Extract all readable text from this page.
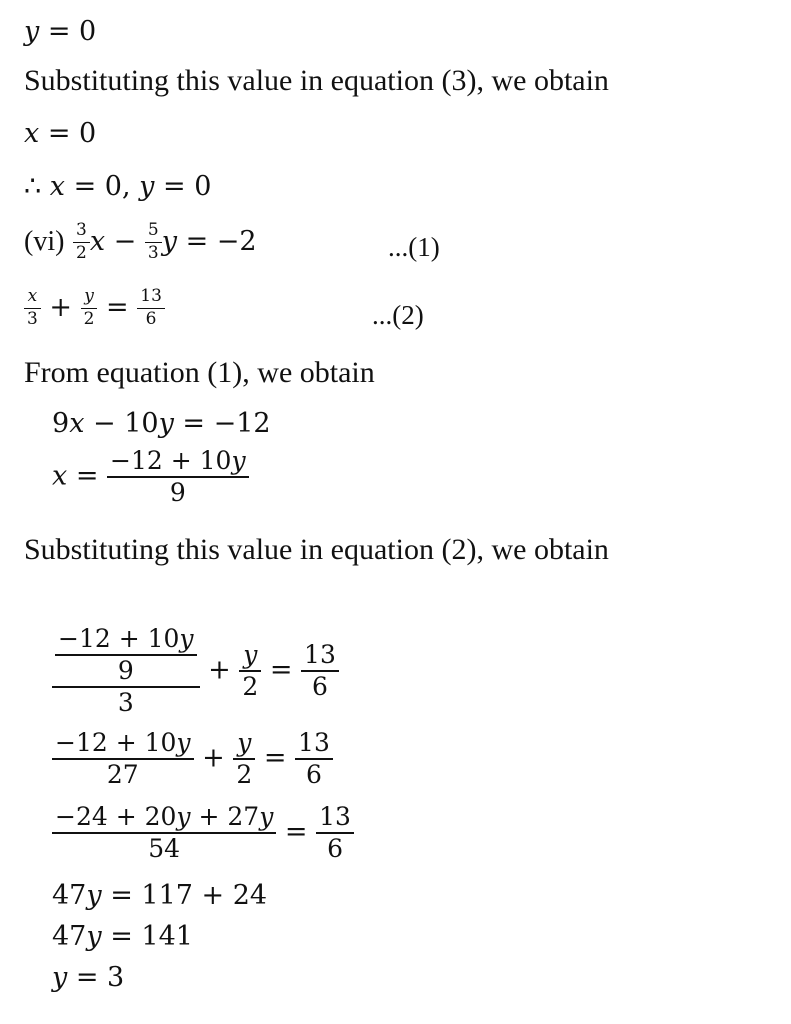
y = 0
Substituting this value in equation (3), we obtain
x = 0
∴ x = 0, y = 0
$(vi) \frac{3}{2}$ $x - \frac{5}{3}$ y = −2	...(1)
$\frac{x}{3} + \frac{y}{2} = \frac{13}{6}$	...(2)
From equation (1), we obtain
9x − 10y = −12
$x = \frac{-12 + 10y}{9}$
Substituting this value in equation (2), we obtain
$\frac{\frac{-12 + 10y}{9}}{3} + \frac{y}{2} = \frac{13}{6}$
$\frac{-12 + 10y}{27} + \frac{y}{2} = \frac{13}{6}$
$\frac{-24 + 20y + 27y}{54} = \frac{13}{6}$
47y = 117 + 24
47y = 141
y = 3
